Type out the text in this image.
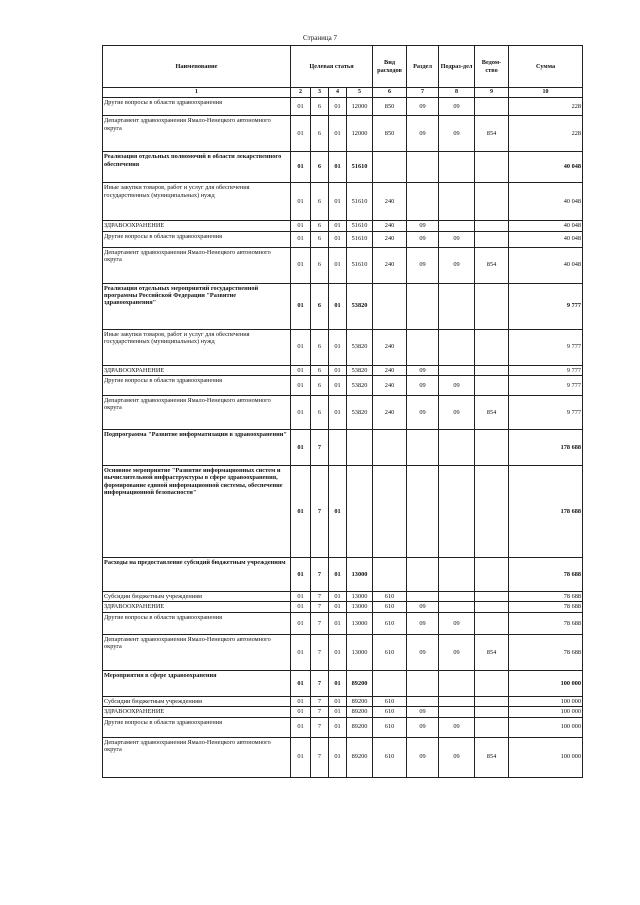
Страница 7
Наименование	Целевая статья				Вид расходов	Раздел	Подраз-дел	Ведом-ство	Сумма
1	2	3	4	5	6	7	8	9	10
Другие вопросы в области здравоохранения	01	6	01	12000	850	09	09		228
Департамент здравоохранения Ямало-Ненецкого автономного округа	01	6	01	12000	850	09	09	854	228
Реализация отдельных полномочий в области лекарственного обеспечения	01	6	01	51610					40 048
Иные закупки товаров, работ и услуг для обеспечения государственных (муниципальных) нужд	01	6	01	51610	240				40 048
ЗДРАВООХРАНЕНИЕ	01	6	01	51610	240	09			40 048
Другие вопросы в области здравоохранения	01	6	01	51610	240	09	09		40 048
Департамент здравоохранения Ямало-Ненецкого автономного округа	01	6	01	51610	240	09	09	854	40 048
Реализация отдельных мероприятий государственной программы Российской Федерации "Развитие здравоохранения"	01	6	01	53820					9 777
Иные закупки товаров, работ и услуг для обеспечения государственных (муниципальных) нужд	01	6	01	53820	240				9 777
ЗДРАВООХРАНЕНИЕ	01	6	01	53820	240	09			9 777
Другие вопросы в области здравоохранения	01	6	01	53820	240	09	09		9 777
Департамент здравоохранения Ямало-Ненецкого автономного округа	01	6	01	53820	240	09	09	854	9 777
Подпрограмма "Развитие информатизации в здравоохранении"	01	7							178 688
Основное мероприятие "Развитие информационных систем и вычислительной инфраструктуры в сфере здравоохранения, формирование единой информационной системы, обеспечение информационной безопасности"	01	7	01						178 688
Расходы на предоставление субсидий бюджетным учреждениям	01	7	01	13000					78 688
Субсидии бюджетным учреждениям	01	7	01	13000	610				78 688
ЗДРАВООХРАНЕНИЕ	01	7	01	13000	610	09			78 688
Другие вопросы в области здравоохранения	01	7	01	13000	610	09	09		78 688
Департамент здравоохранения Ямало-Ненецкого автономного округа	01	7	01	13000	610	09	09	854	78 688
Мероприятия в сфере здравоохранения	01	7	01	89200					100 000
Субсидии бюджетным учреждениям	01	7	01	89200	610				100 000
ЗДРАВООХРАНЕНИЕ	01	7	01	89200	610	09			100 000
Другие вопросы в области здравоохранения	01	7	01	89200	610	09	09		100 000
Департамент здравоохранения Ямало-Ненецкого автономного округа	01	7	01	89200	610	09	09	854	100 000
